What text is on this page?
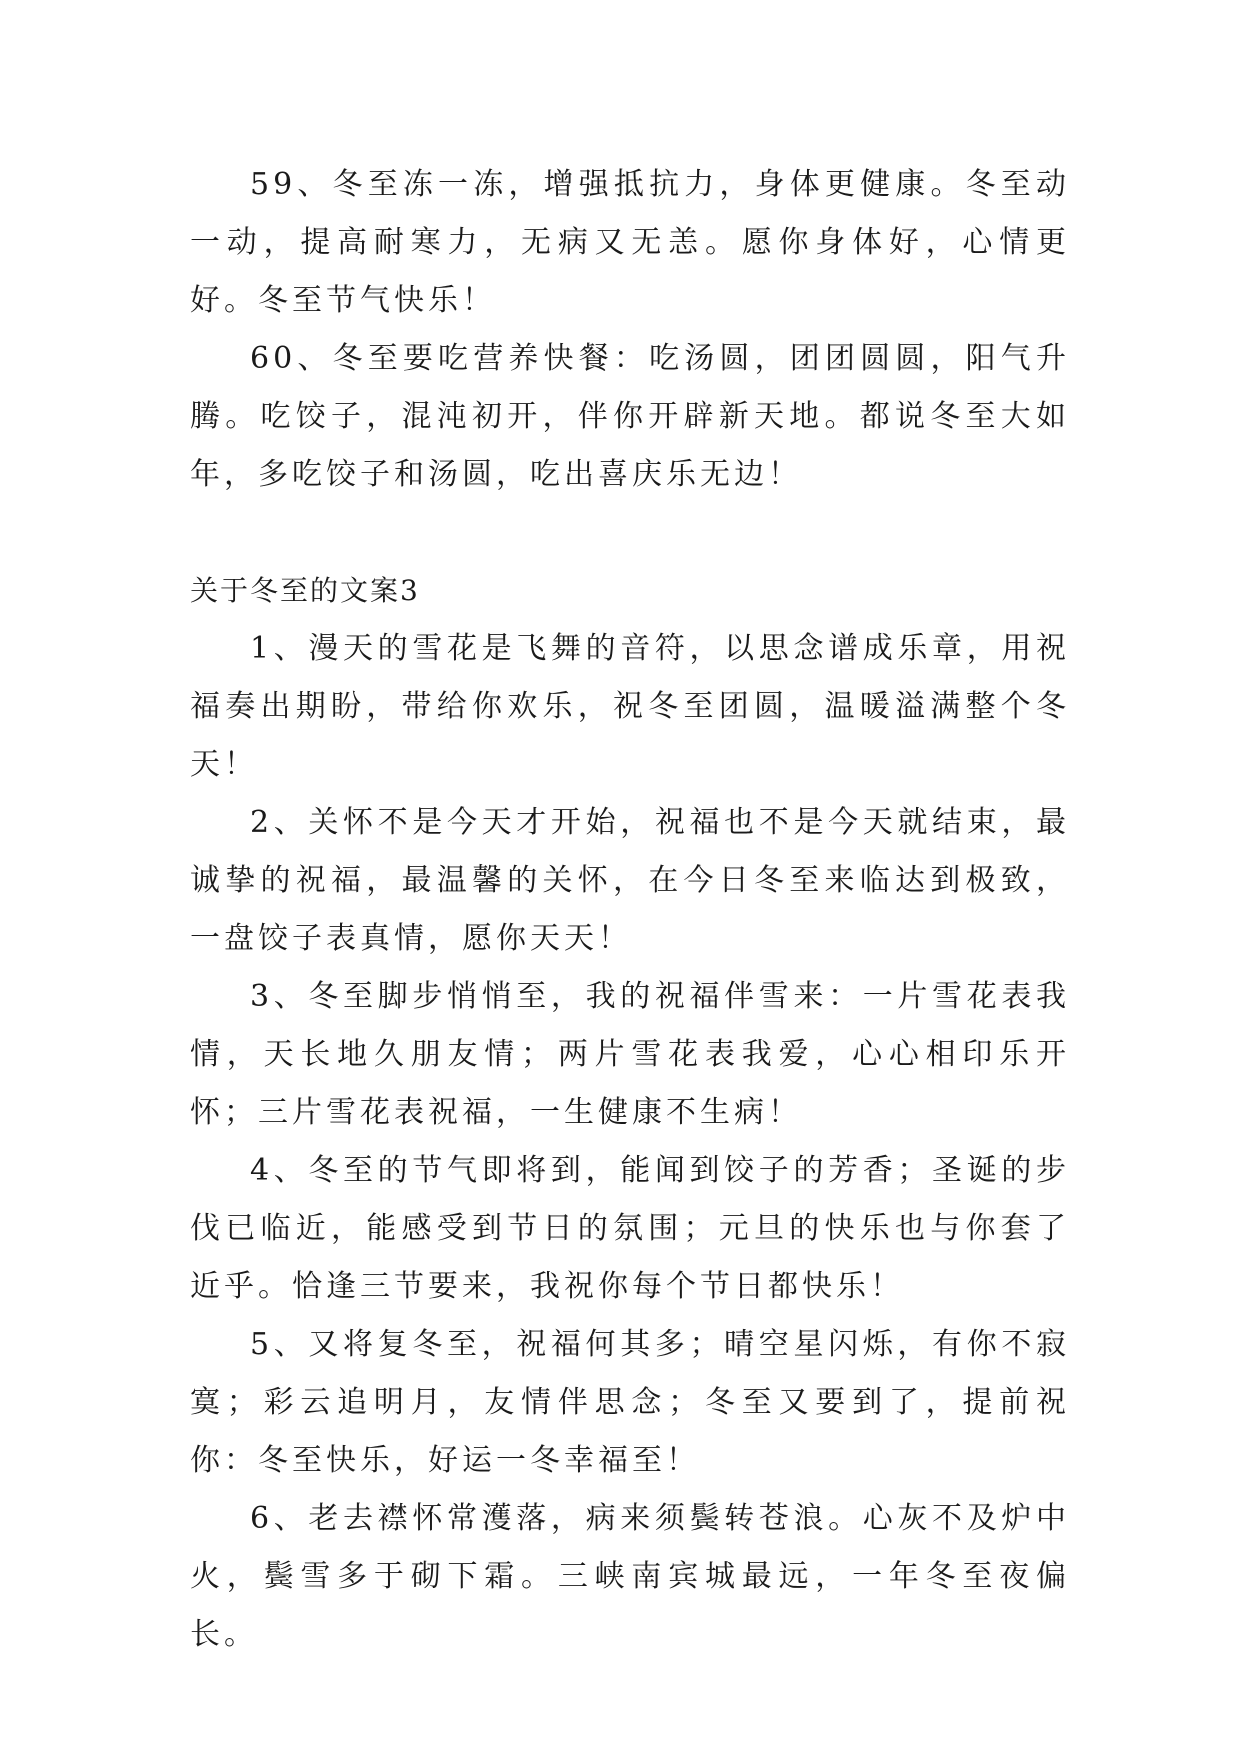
59、冬至冻一冻，增强抵抗力，身体更健康。冬至动一动，提高耐寒力，无病又无恙。愿你身体好，心情更好。冬至节气快乐！

60、冬至要吃营养快餐：吃汤圆，团团圆圆，阳气升腾。吃饺子，混沌初开，伴你开辟新天地。都说冬至大如年，多吃饺子和汤圆，吃出喜庆乐无边！

关于冬至的文案3

1、漫天的雪花是飞舞的音符，以思念谱成乐章，用祝福奏出期盼，带给你欢乐，祝冬至团圆，温暖溢满整个冬天！

2、关怀不是今天才开始，祝福也不是今天就结束，最诚挚的祝福，最温馨的关怀，在今日冬至来临达到极致，一盘饺子表真情，愿你天天！

3、冬至脚步悄悄至，我的祝福伴雪来：一片雪花表我情，天长地久朋友情；两片雪花表我爱，心心相印乐开怀；三片雪花表祝福，一生健康不生病！

4、冬至的节气即将到，能闻到饺子的芳香；圣诞的步伐已临近，能感受到节日的氛围；元旦的快乐也与你套了近乎。恰逢三节要来，我祝你每个节日都快乐！

5、又将复冬至，祝福何其多；晴空星闪烁，有你不寂寞；彩云追明月，友情伴思念；冬至又要到了，提前祝你：冬至快乐，好运一冬幸福至！

6、老去襟怀常濩落，病来须鬓转苍浪。心灰不及炉中火，鬓雪多于砌下霜。三峡南宾城最远，一年冬至夜偏长。
